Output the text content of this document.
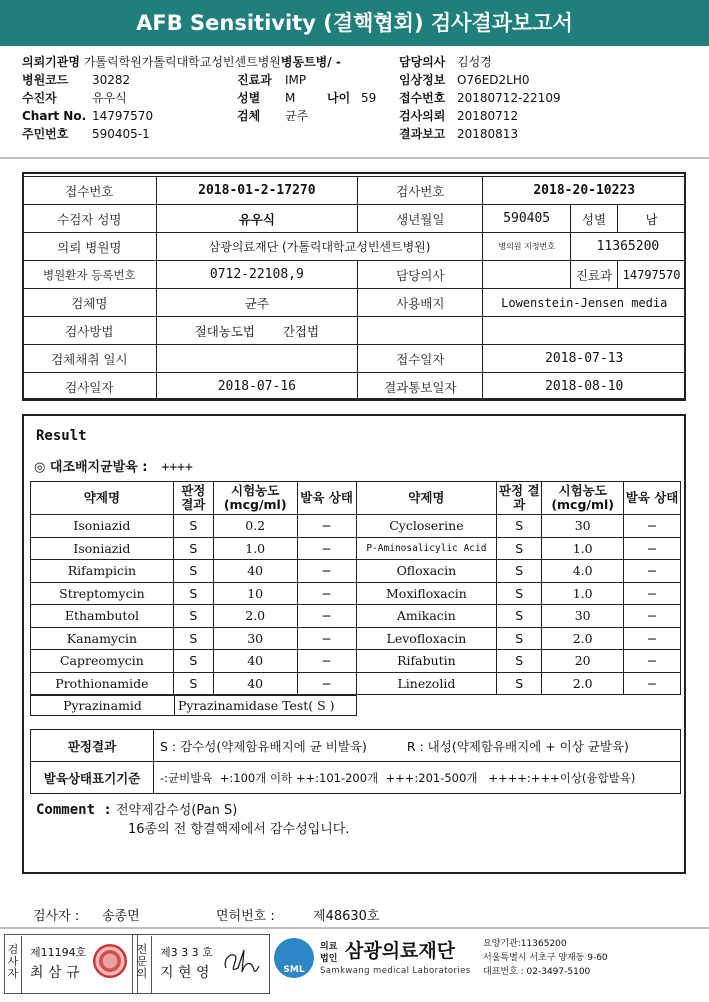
AFB Sensitivity (결핵협회) 검사결과보고서
의뢰기관명 가톨릭학원가톨릭대학교성빈센트병원병동트병/ -
병원코드 30282
수진자	유우식
Chart No. 14797570
주민번호 590405-1
진료과 IMP
성별 M	나이 59
검체 균주
담당의사 김성경
임상정보 O76ED2LH0
접수번호 20180712-22109
검사의뢰 20180712
결과보고 20180813
접수번호	2018-01-2-17270	검사번호	2018-20-10223		
수검자 성명	유우식	생년월일	590405	성별	남
의뢰 병원명	삼광의료재단 (가톨릭대학교성빈센트병원)		병의원 지정번호	11365200	
병원환자 등록번호	0712-22108,9	담당의사		진료과	14797570
검체명	균주	사용배지	Lowenstein-Jensen media		
검사방법	절대농도법 간접법				
검체채취 일시		접수일자	2018-07-13		
검사일자	2018-07-16	결과통보일자	2018-08-10		
Result
◎ 대조배지균발육 : ++++
약제명	판정 결과	시험농도 (mcg/ml)	발육 상태	약제명	판정 결과	시험농도 (mcg/ml)	발육 상태
Isoniazid	S	0.2	−	Cycloserine	S	30	−
Isoniazid	S	1.0	−	P-Aminosalicylic Acid	S	1.0	−
Rifampicin	S	40	−	Ofloxacin	S	4.0	−
Streptomycin	S	10	−	Moxifloxacin	S	1.0	−
Ethambutol	S	2.0	−	Amikacin	S	30	−
Kanamycin	S	30	−	Levofloxacin	S	2.0	−
Capreomycin	S	40	−	Rifabutin	S	20	−
Prothionamide	S	40	−	Linezolid	S	2.0	−
Pyrazinamid	Pyrazinamidase Test( S )
판정결과	S : 감수성(약제함유배지에 균 비발육) R : 내성(약제함유배지에 + 이상 균발육)
발육상태표기기준	-:균비발육  +:100개 이하 ++:101-200개  +++:201-500개   ++++:+++이상(융합발육)
Comment : 전약제감수성(Pan S)
16종의 전 항결핵제에서 감수성입니다.
검사자 : 송종면	면허번호 :	제48630호
검사자
제11194호
최 삼 규
전문의
제3 3 3 호
지 현 영	SML
의료
법인 삼광의료재단
Samkwang medical Laboratories
요양기관:11365200
서울특별시 서초구 양재동 9-60
대표번호 : 02-3497-5100
